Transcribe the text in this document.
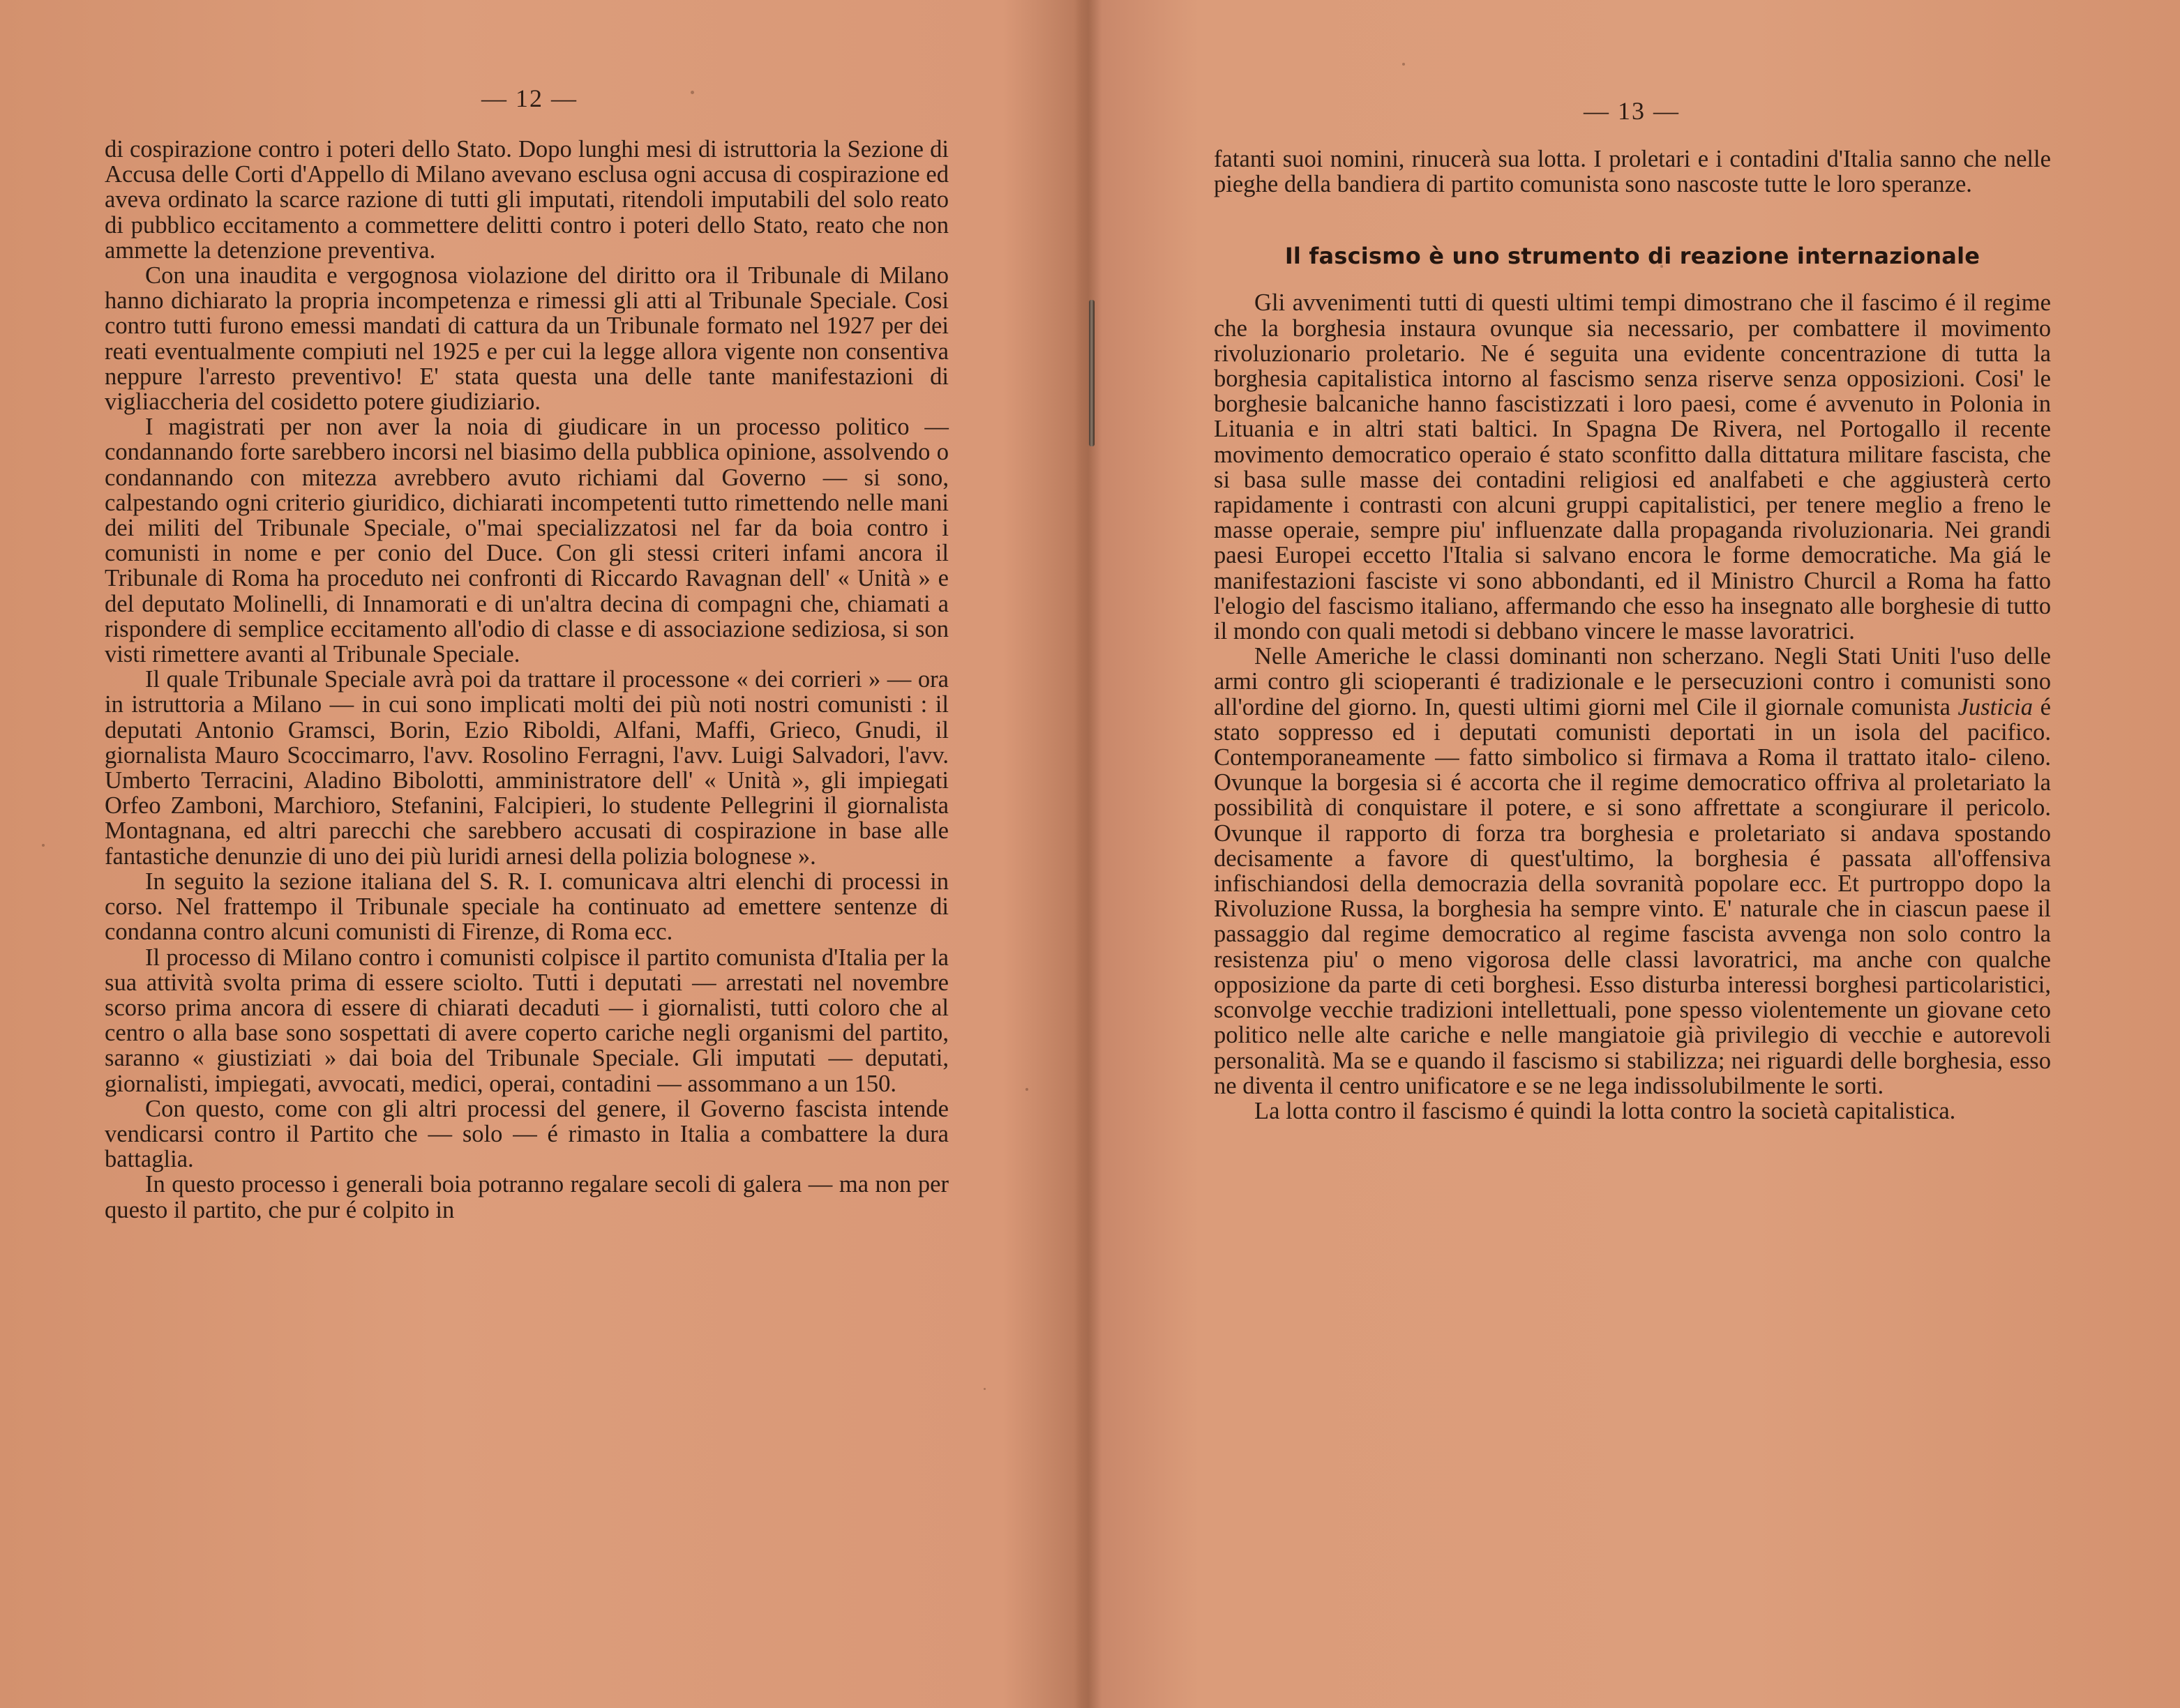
— 12 —

di cospirazione contro i poteri dello Stato. Dopo lunghi mesi di istruttoria la Sezione di Accusa delle Corti d'Appello di Milano avevano esclusa ogni accusa di cospirazione ed aveva ordinato la scarce razione di tutti gli imputati, ritendoli imputabili del solo reato di pubblico eccitamento a commettere delitti contro i poteri dello Stato, reato che non ammette la detenzione preventiva.

Con una inaudita e vergognosa violazione del diritto ora il Tribunale di Milano hanno dichiarato la propria incompetenza e rimessi gli atti al Tribunale Speciale. Cosi contro tutti furono emessi mandati di cattura da un Tribunale formato nel 1927 per dei reati eventualmente compiuti nel 1925 e per cui la legge allora vigente non consentiva neppure l'arresto preventivo! E' stata questa una delle tante manifestazioni di vigliaccheria del cosidetto potere giudiziario.

I magistrati per non aver la noia di giudicare in un processo politico — condannando forte sarebbero incorsi nel biasimo della pubblica opinione, assolvendo o condannando con mitezza avrebbero avuto richiami dal Governo — si sono, calpestando ogni criterio giuridico, dichiarati incompetenti tutto rimettendo nelle mani dei militi del Tribunale Speciale, o"mai specializzatosi nel far da boia contro i comunisti in nome e per conio del Duce. Con gli stessi criteri infami ancora il Tribunale di Roma ha proceduto nei confronti di Riccardo Ravagnan dell' « Unità » e del deputato Molinelli, di Innamorati e di un'altra decina di compagni che, chiamati a rispondere di semplice eccitamento all'odio di classe e di associazione sediziosa, si son visti rimettere avanti al Tribunale Speciale.

Il quale Tribunale Speciale avrà poi da trattare il processone « dei corrieri » — ora in istruttoria a Milano — in cui sono implicati molti dei più noti nostri comunisti : il deputati Antonio Gramsci, Borin, Ezio Riboldi, Alfani, Maffi, Grieco, Gnudi, il giornalista Mauro Scoccimarro, l'avv. Rosolino Ferragni, l'avv. Luigi Salvadori, l'avv. Umberto Terracini, Aladino Bibolotti, amministratore dell' « Unità », gli impiegati Orfeo Zamboni, Marchioro, Stefanini, Falcipieri, lo studente Pellegrini il giornalista Montagnana, ed altri parecchi che sarebbero accusati di cospirazione in base alle fantastiche denunzie di uno dei più luridi arnesi della polizia bolognese ».

In seguito la sezione italiana del S. R. I. comunicava altri elenchi di processi in corso. Nel frattempo il Tribunale speciale ha continuato ad emettere sentenze di condanna contro alcuni comunisti di Firenze, di Roma ecc.

Il processo di Milano contro i comunisti colpisce il partito comunista d'Italia per la sua attività svolta prima di essere sciolto. Tutti i deputati — arrestati nel novembre scorso prima ancora di essere di chiarati decaduti — i giornalisti, tutti coloro che al centro o alla base sono sospettati di avere coperto cariche negli organismi del partito, saranno « giustiziati » dai boia del Tribunale Speciale. Gli imputati — deputati, giornalisti, impiegati, avvocati, medici, operai, contadini — assommano a un 150.

Con questo, come con gli altri processi del genere, il Governo fascista intende vendicarsi contro il Partito che — solo — é rimasto in Italia a combattere la dura battaglia.

In questo processo i generali boia potranno regalare secoli di galera — ma non per questo il partito, che pur é colpito in

— 13 —

fatanti suoi nomini, rinucerà sua lotta. I proletari e i contadini d'Italia sanno che nelle pieghe della bandiera di partito comunista sono nascoste tutte le loro speranze.

Il fascismo è uno strumento di reazione internazionale

Gli avvenimenti tutti di questi ultimi tempi dimostrano che il fascimo é il regime che la borghesia instaura ovunque sia necessario, per combattere il movimento rivoluzionario proletario. Ne é seguita una evidente concentrazione di tutta la borghesia capitalistica intorno al fascismo senza riserve senza opposizioni. Cosi' le borghesie balcaniche hanno fascistizzati i loro paesi, come é avvenuto in Polonia in Lituania e in altri stati baltici. In Spagna De Rivera, nel Portogallo il recente movimento democratico operaio é stato sconfitto dalla dittatura militare fascista, che si basa sulle masse dei contadini religiosi ed analfabeti e che aggiusterà certo rapidamente i contrasti con alcuni gruppi capitalistici, per tenere meglio a freno le masse operaie, sempre piu' influenzate dalla propaganda rivoluzionaria. Nei grandi paesi Europei eccetto l'Italia si salvano encora le forme democratiche. Ma giá le manifestazioni fasciste vi sono abbondanti, ed il Ministro Churcil a Roma ha fatto l'elogio del fascismo italiano, affermando che esso ha insegnato alle borghesie di tutto il mondo con quali metodi si debbano vincere le masse lavoratrici.

Nelle Americhe le classi dominanti non scherzano. Negli Stati Uniti l'uso delle armi contro gli scioperanti é tradizionale e le persecuzioni contro i comunisti sono all'ordine del giorno. In, questi ultimi giorni mel Cile il giornale comunista Justicia é stato soppresso ed i deputati comunisti deportati in un isola del pacifico. Contemporaneamente — fatto simbolico si firmava a Roma il trattato italo- cileno. Ovunque la borgesia si é accorta che il regime democratico offriva al proletariato la possibilità di conquistare il potere, e si sono affrettate a scongiurare il pericolo. Ovunque il rapporto di forza tra borghesia e proletariato si andava spostando decisamente a favore di quest'ultimo, la borghesia é passata all'offensiva infischiandosi della democrazia della sovranità popolare ecc. Et purtroppo dopo la Rivoluzione Russa, la borghesia ha sempre vinto. E' naturale che in ciascun paese il passaggio dal regime democratico al regime fascista avvenga non solo contro la resistenza piu' o meno vigorosa delle classi lavoratrici, ma anche con qualche opposizione da parte di ceti borghesi. Esso disturba interessi borghesi particolaristici, sconvolge vecchie tradizioni intellettuali, pone spesso violentemente un giovane ceto politico nelle alte cariche e nelle mangiatoie già privilegio di vecchie e autorevoli personalità. Ma se e quando il fascismo si stabilizza; nei riguardi delle borghesia, esso ne diventa il centro unificatore e se ne lega indissolubilmente le sorti.

La lotta contro il fascismo é quindi la lotta contro la società capitalistica.
